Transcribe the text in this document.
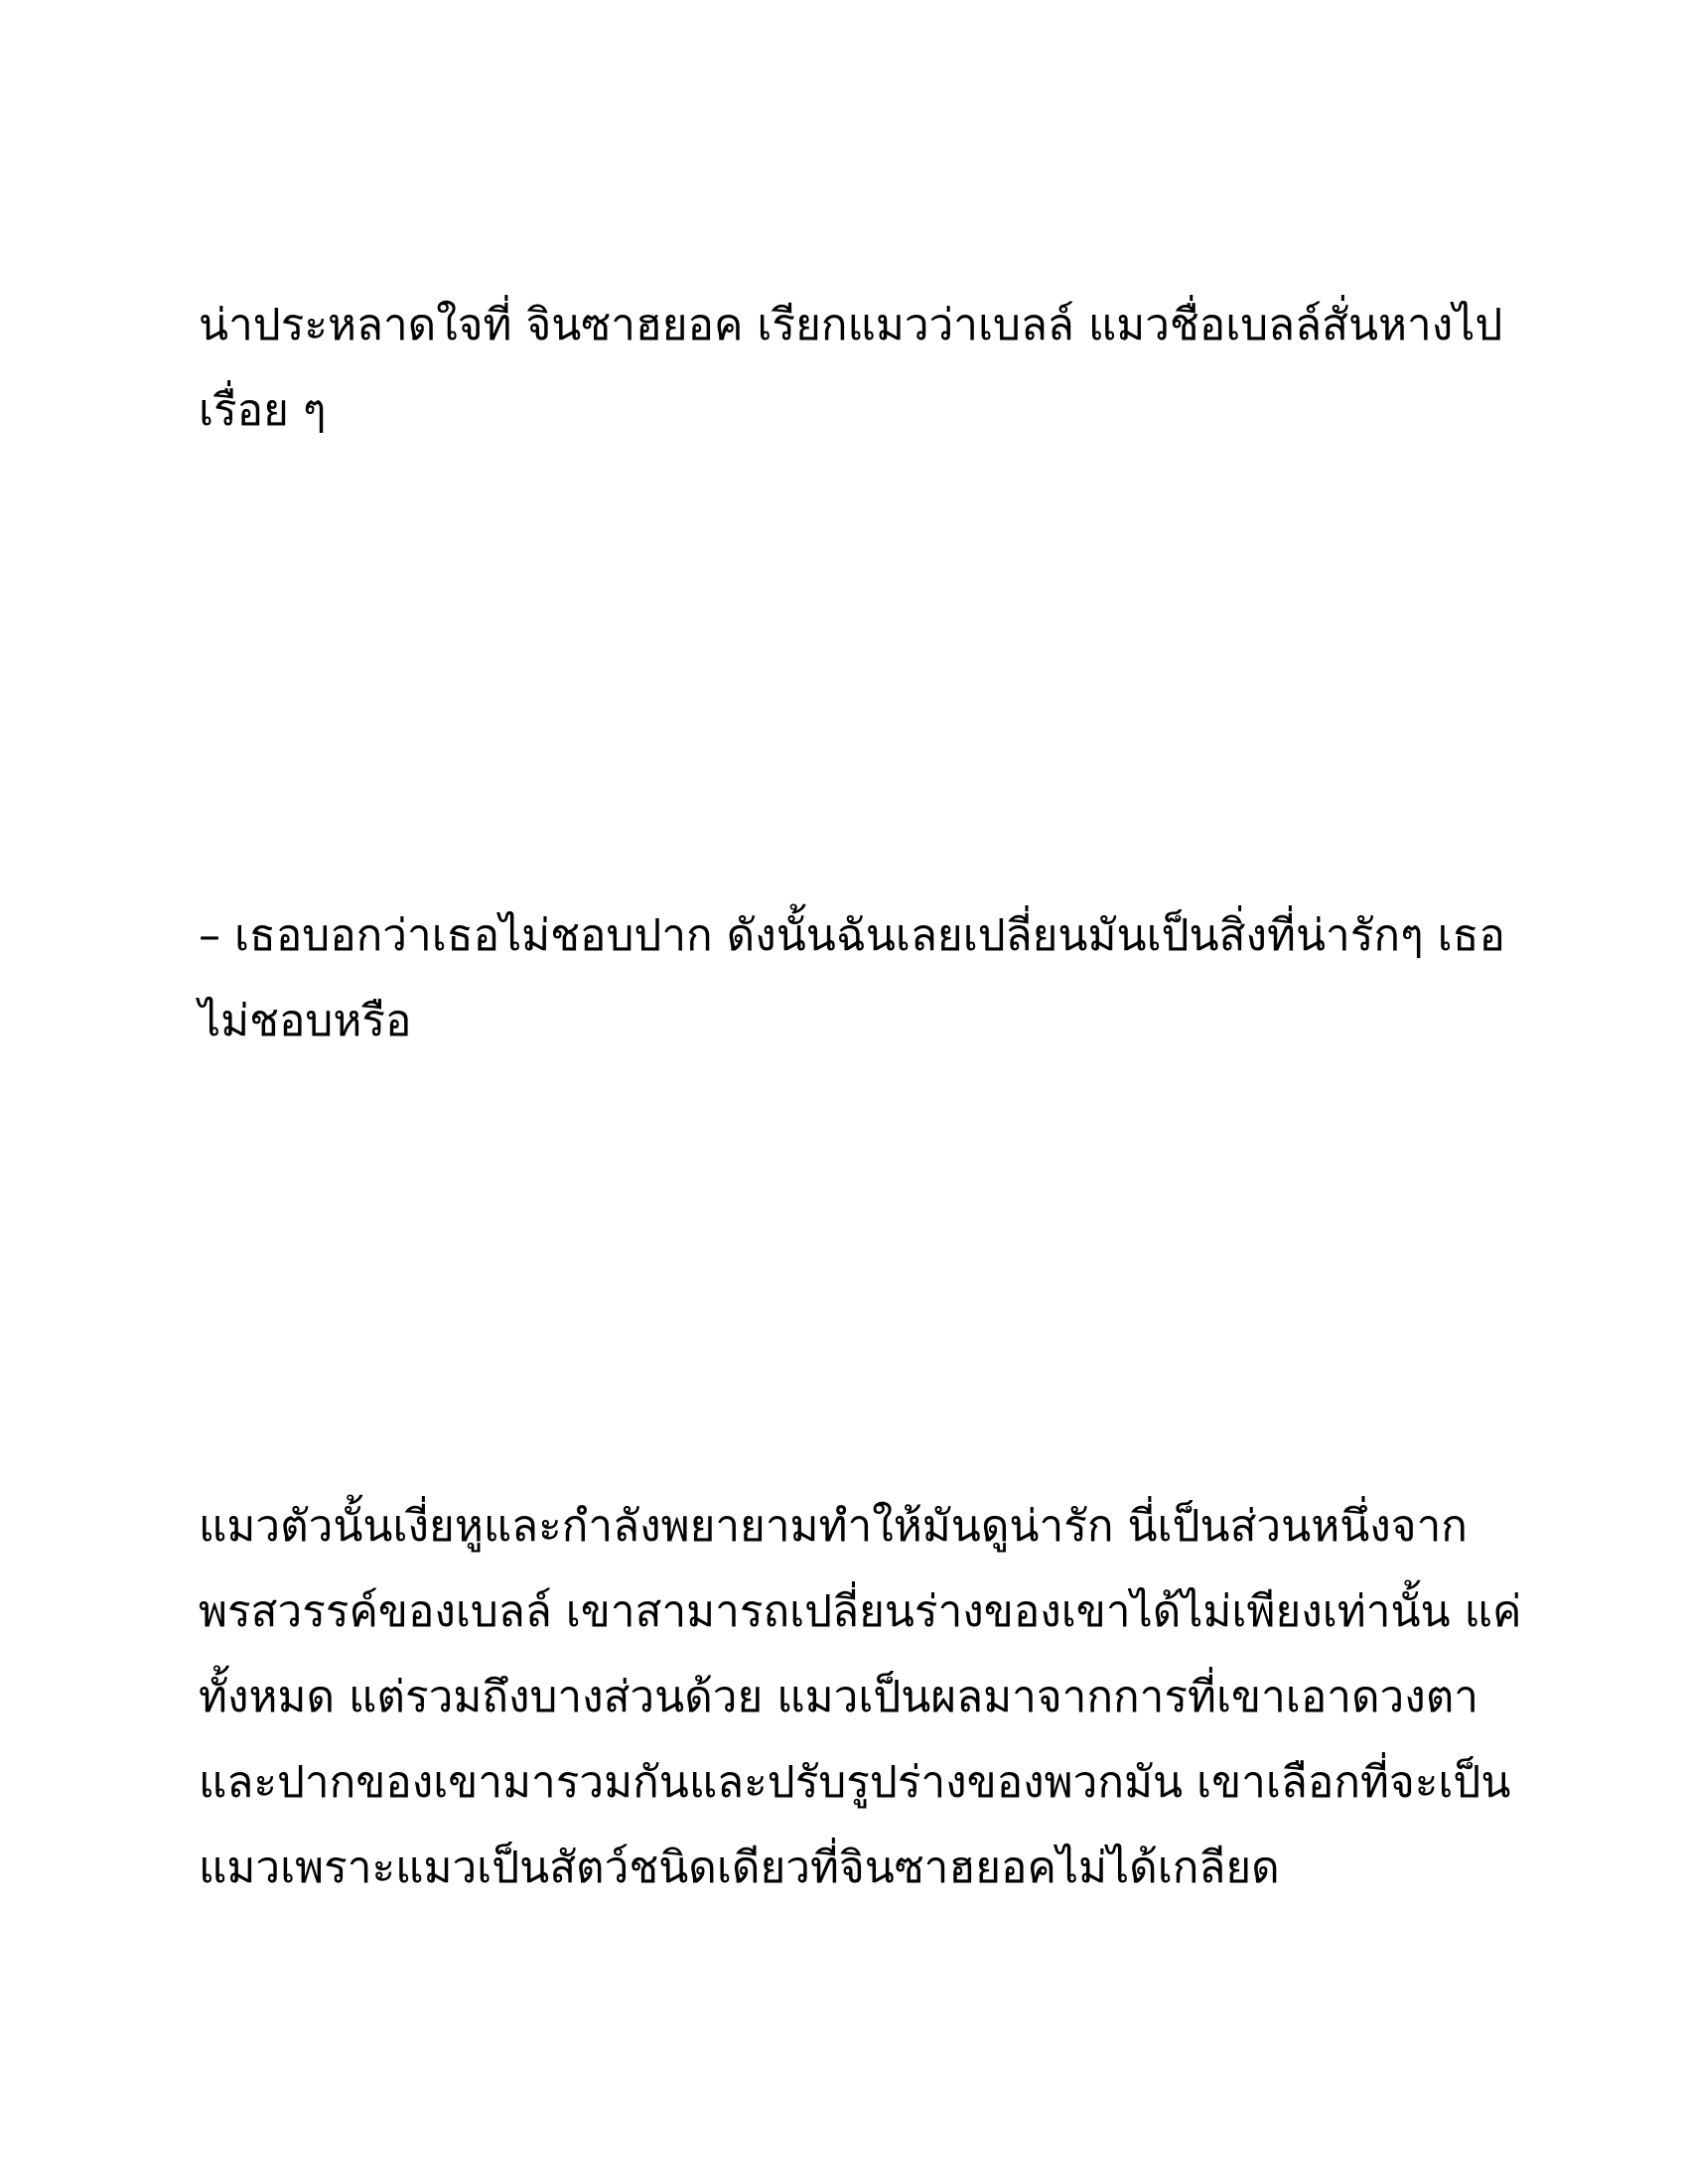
น่าประหลาดใจที่ จินซาฮยอค เรียกแมวว่าเบลล์ แมวชื่อเบลล์สั่นหางไป
เรื่อย ๆ
– เธอบอกว่าเธอไม่ชอบปาก ดังนั้นฉันเลยเปลี่ยนมันเป็นสิ่งที่น่ารักๆ เธอ
ไม่ชอบหรือ
แมวตัวนั้นเงี่ยหูและกำลังพยายามทำให้มันดูน่ารัก นี่เป็นส่วนหนึ่งจาก
พรสวรรค์ของเบลล์ เขาสามารถเปลี่ยนร่างของเขาได้ไม่เพียงเท่านั้น แค่
ทั้งหมด แต่รวมถึงบางส่วนด้วย แมวเป็นผลมาจากการที่เขาเอาดวงตา
และปากของเขามารวมกันและปรับรูปร่างของพวกมัน เขาเลือกที่จะเป็น
แมวเพราะแมวเป็นสัตว์ชนิดเดียวที่จินซาฮยอคไม่ได้เกลียด
